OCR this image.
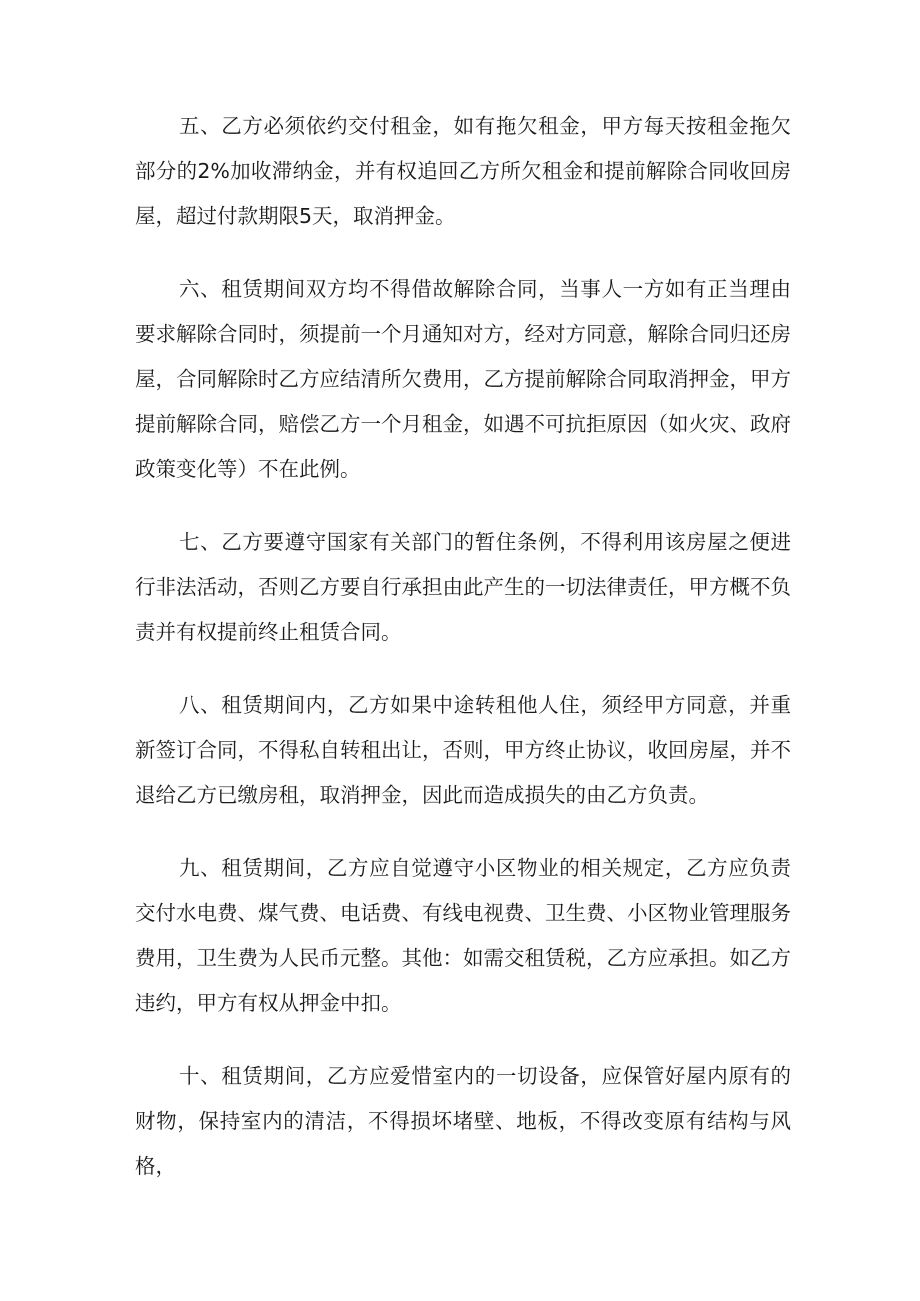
五、乙方必须依约交付租金，如有拖欠租金，甲方每天按租金拖欠部分的2%加收滞纳金，并有权追回乙方所欠租金和提前解除合同收回房屋，超过付款期限5天，取消押金。

六、租赁期间双方均不得借故解除合同，当事人一方如有正当理由要求解除合同时，须提前一个月通知对方，经对方同意，解除合同归还房屋，合同解除时乙方应结清所欠费用，乙方提前解除合同取消押金，甲方提前解除合同，赔偿乙方一个月租金，如遇不可抗拒原因（如火灾、政府政策变化等）不在此例。

七、乙方要遵守国家有关部门的暂住条例，不得利用该房屋之便进行非法活动，否则乙方要自行承担由此产生的一切法律责任，甲方概不负责并有权提前终止租赁合同。

八、租赁期间内，乙方如果中途转租他人住，须经甲方同意，并重新签订合同，不得私自转租出让，否则，甲方终止协议，收回房屋，并不退给乙方已缴房租，取消押金，因此而造成损失的由乙方负责。

九、租赁期间，乙方应自觉遵守小区物业的相关规定，乙方应负责交付水电费、煤气费、电话费、有线电视费、卫生费、小区物业管理服务费用，卫生费为人民币元整。其他：如需交租赁税，乙方应承担。如乙方违约，甲方有权从押金中扣。

十、租赁期间，乙方应爱惜室内的一切设备，应保管好屋内原有的财物，保持室内的清洁，不得损坏堵壁、地板，不得改变原有结构与风格，
